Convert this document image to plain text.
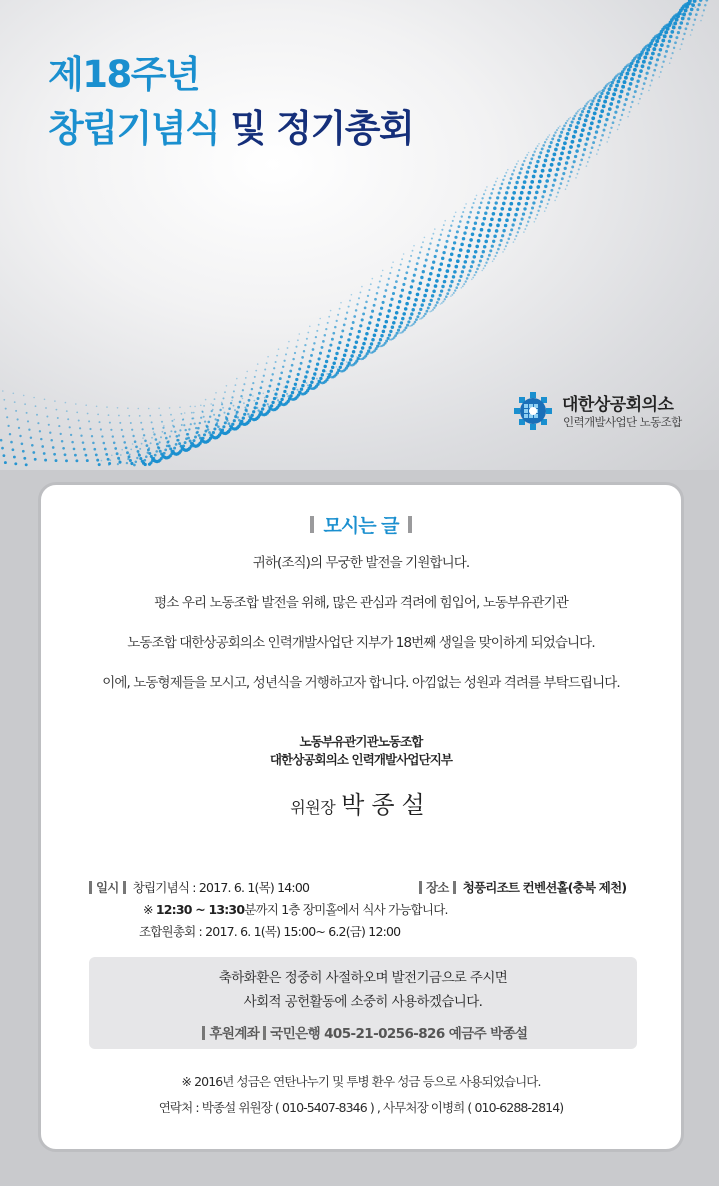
제18주년
창립기념식 및 정기총회
대한상공회의소
인력개발사업단 노동조합
모시는 글
귀하(조직)의 무궁한 발전을 기원합니다.
평소 우리 노동조합 발전을 위해, 많은 관심과 격려에 힘입어, 노동부유관기관
노동조합 대한상공회의소 인력개발사업단 지부가 18번째 생일을 맞이하게 되었습니다.
이에, 노동형제들을 모시고, 성년식을 거행하고자 합니다. 아낌없는 성원과 격려를 부탁드립니다.
노동부유관기관노동조합
대한상공회의소 인력개발사업단지부
위원장 박종설
일시 창립기념식 : 2017. 6. 1(목) 14:00	장소 청풍리조트 컨벤션홀(충북 제천)
※ 12:30 ~ 13:30분까지 1층 장미홀에서 식사 가능합니다.
조합원총회 : 2017. 6. 1(목) 15:00~ 6.2(금) 12:00
축하화환은 정중히 사절하오며 발전기금으로 주시면
사회적 공헌활동에 소중히 사용하겠습니다.
후원계좌 국민은행 405-21-0256-826 예금주 박종설
※ 2016년 성금은 연탄나누기 및 투병 환우 성금 등으로 사용되었습니다.
연락처 : 박종설 위원장 ( 010-5407-8346 ) , 사무처장 이병희 ( 010-6288-2814)
